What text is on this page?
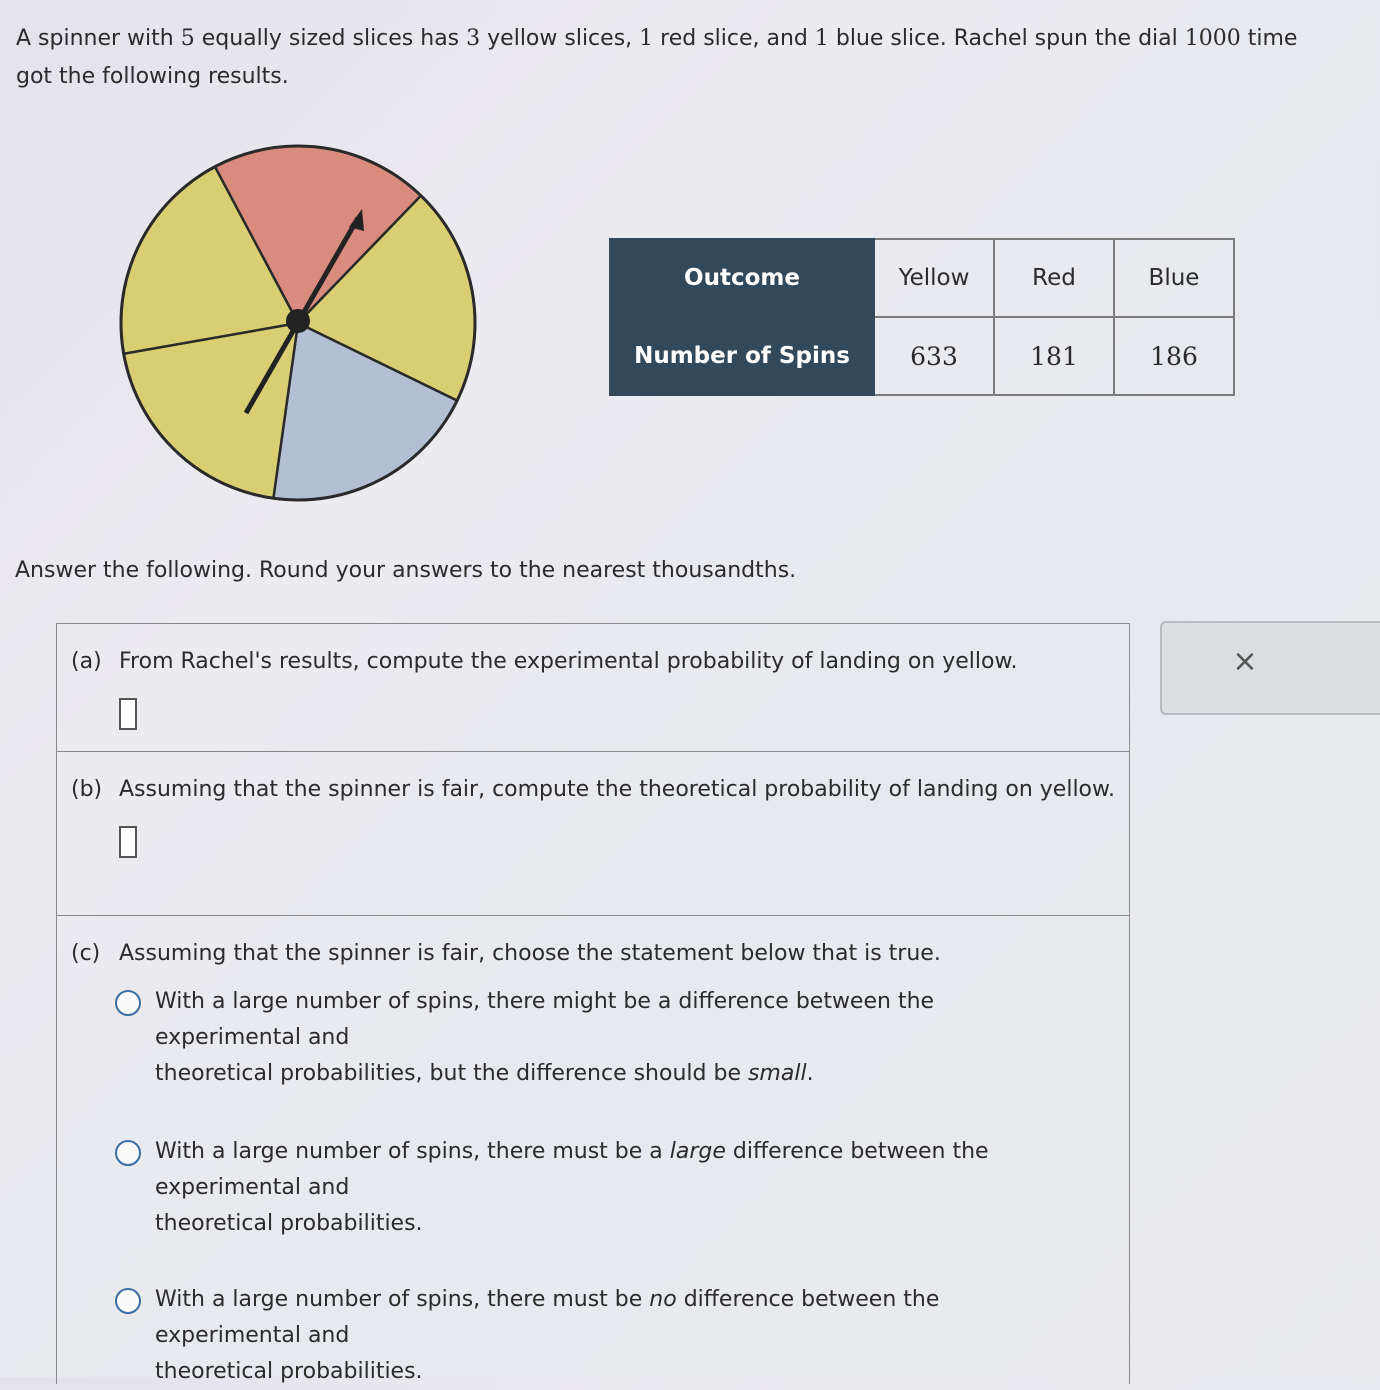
A spinner with 5 equally sized slices has 3 yellow slices, 1 red slice, and 1 blue slice. Rachel spun the dial 1000 time

got the following results.

Outcome	Yellow	Red	Blue
Number of Spins	633	181	186
Answer the following. Round your answers to the nearest thousandths.
(a) From Rachel's results, compute the experimental probability of landing on yellow.
(b) Assuming that the spinner is fair, compute the theoretical probability of landing on yellow.
(c) Assuming that the spinner is fair, choose the statement below that is true.
With a large number of spins, there might be a difference between the
experimental and
theoretical probabilities, but the difference should be small.
With a large number of spins, there must be a large difference between the
experimental and
theoretical probabilities.
With a large number of spins, there must be no difference between the
experimental and
theoretical probabilities.
×
